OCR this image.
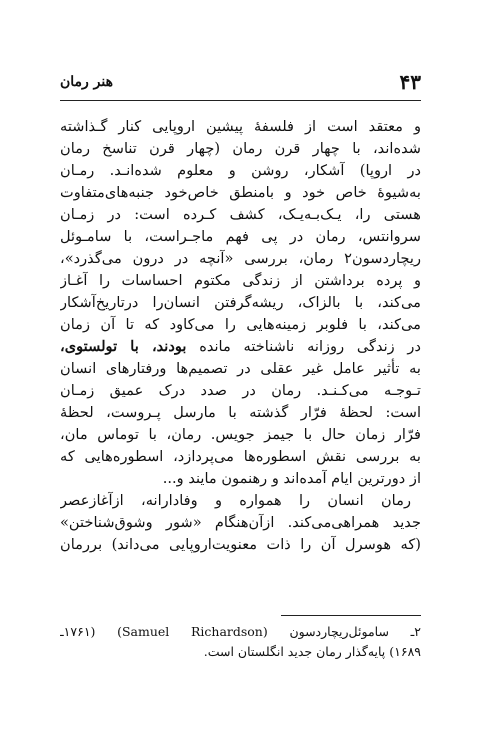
۴۳
هنر رمان
و معتقد است از فلسفهٔ پیشین اروپایی کنار گـذاشته
شده‌اند، با چهار قرن رمان (چهار قرن تناسخ رمان
در اروپا) آشکار، روشن و معلوم شده‌انـد. رمـان
به‌شیوهٔ خاص خود و بامنطق خاص‌خود جنبه‌های‌متفاوت
هستی را، یـک‌بـه‌یـک، کشف کـرده است: در زمـان
سروانتس، رمان در پی فهم ماجـراست، با سامـوئل
ریچاردسون۲ رمان، بررسی «آنچه در درون می‌گذرد»،
و پرده برداشتن از زندگی مکتوم احساسات را آغـاز
می‌کند، با بالزاک، ریشه‌گرفتن انسان‌را در‌تاریخ‌آشکار
می‌کند، با فلوبر زمینه‌هایی را می‌کاود که تا آن زمان
در زندگی روزانه ناشناخته مانده بودند، با تولستوی،
به تأثیر عامل غیر عقلی در تصمیم‌ها ورفتارهای انسان
تـوجـه می‌کـنـد. رمان در صدد درک عمیق زمـان
است: لحظهٔ فرّار گذشته با مارسل پـروست، لحظهٔ
فرّار زمان حال با جیمز جویس. رمان، با توماس مان،
به بررسی نقش اسطوره‌ها می‌پردازد، اسطوره‌هایی که
از دورترین ایام آمده‌اند و رهنمون ما‌یند و...
رمان انسان را همواره و وفادارانه، ازآغازعصر
جدید همراهی‌می‌کند. ازآن‌هنگام «شور وشوق‌شناختن»
(که هوسرل آن را ذات معنویت‌اروپایی می‌داند) بر‌رمان
۲ـ ساموئل‌ریچاردسون (Samuel Richardson) (۱۷۶۱ـ
۱۶۸۹) پایه‌گذار رمان جدید انگلستان است.
